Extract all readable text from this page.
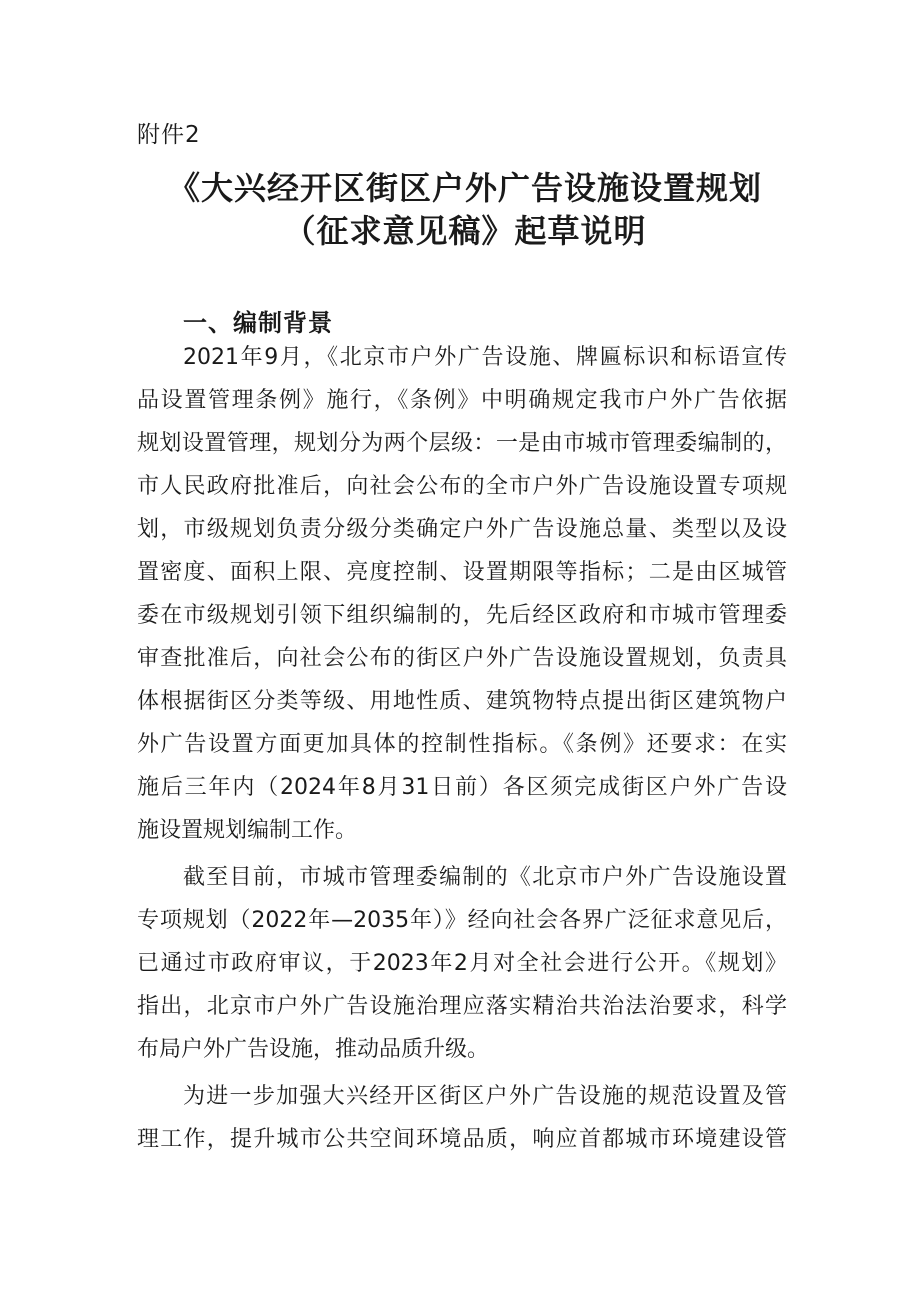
附件2
《大兴经开区街区户外广告设施设置规划
（征求意见稿》起草说明
一、编制背景
2021年9月，《北京市户外广告设施、牌匾标识和标语宣传
品设置管理条例》施行，《条例》中明确规定我市户外广告依据
规划设置管理，规划分为两个层级：一是由市城市管理委编制的，
市人民政府批准后，向社会公布的全市户外广告设施设置专项规
划，市级规划负责分级分类确定户外广告设施总量、类型以及设
置密度、面积上限、亮度控制、设置期限等指标；二是由区城管
委在市级规划引领下组织编制的，先后经区政府和市城市管理委
审查批准后，向社会公布的街区户外广告设施设置规划，负责具
体根据街区分类等级、用地性质、建筑物特点提出街区建筑物户
外广告设置方面更加具体的控制性指标。《条例》还要求：在实
施后三年内（2024年8月31日前）各区须完成街区户外广告设
施设置规划编制工作。
截至目前，市城市管理委编制的《北京市户外广告设施设置
专项规划（2022年—2035年）》经向社会各界广泛征求意见后，
已通过市政府审议，于2023年2月对全社会进行公开。《规划》
指出，北京市户外广告设施治理应落实精治共治法治要求，科学
布局户外广告设施，推动品质升级。
为进一步加强大兴经开区街区户外广告设施的规范设置及管
理工作，提升城市公共空间环境品质，响应首都城市环境建设管
